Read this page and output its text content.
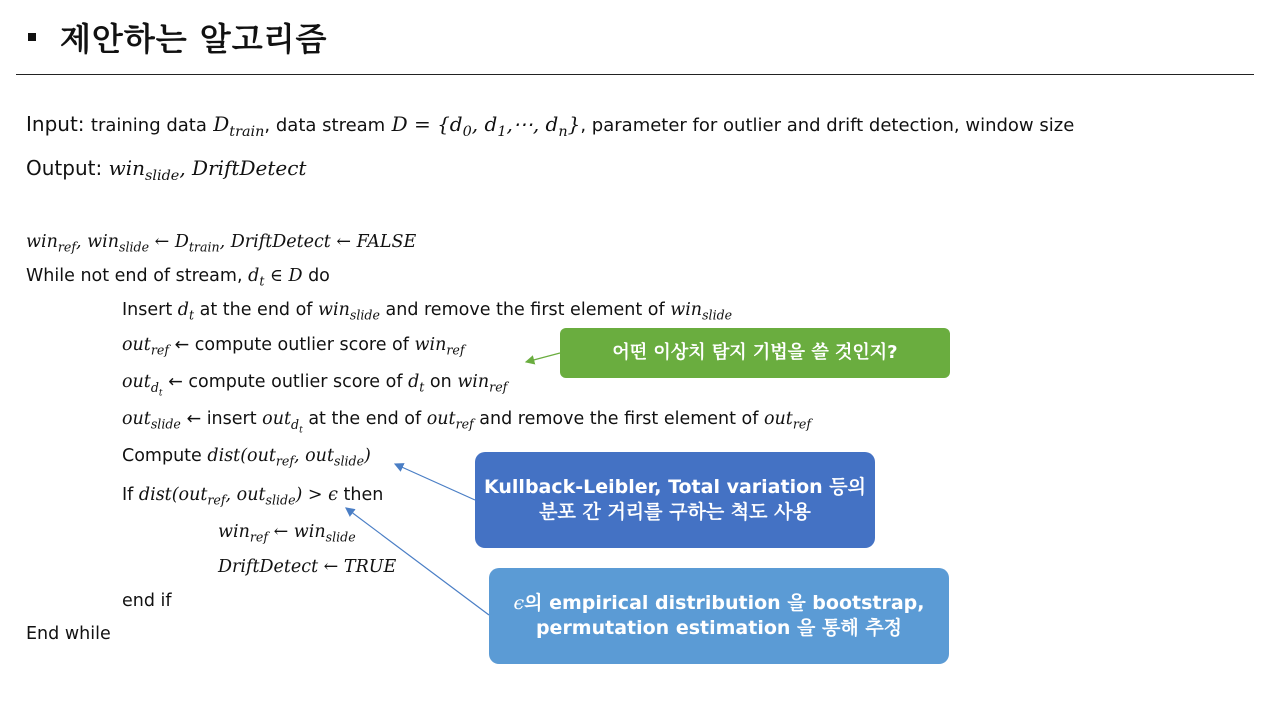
제안하는 알고리즘
Input: training data $D_{train}$, data stream $D = \{d_0$, $d_1,\cdots$, $d_n$}, parameter for outlier and drift detection, window size
Output: win$_{slide}$, DriftDetect
win$_{ref}$, win$_{slide}$ ← $D_{train}$, DriftDetect ← FALSE
While not end of stream, $d_t$ ∈ D do
Insert $d_t$ at the end of win$_{slide}$ and remove the first element of win$_{slide}$
out$_{ref}$ ← compute outlier score of win$_{ref}$
out$_{d_t}$ ← compute outlier score of $d_t$ on win$_{ref}$
out$_{slide}$ ← insert out$_{d_t}$ at the end of out$_{ref}$ and remove the first element of out$_{ref}$
Compute dist(out$_{ref}$, out$_{slide}$)
If dist(out$_{ref}$, out$_{slide}$) > ϵ then
win$_{ref}$ ← win$_{slide}$
DriftDetect ← TRUE
end if
End while
어떤 이상치 탐지 기법을 쓸 것인지?
Kullback-Leibler, Total variation 등의
분포 간 거리를 구하는 척도 사용
ϵ의 empirical distribution 을 bootstrap,
permutation estimation 을 통해 추정
